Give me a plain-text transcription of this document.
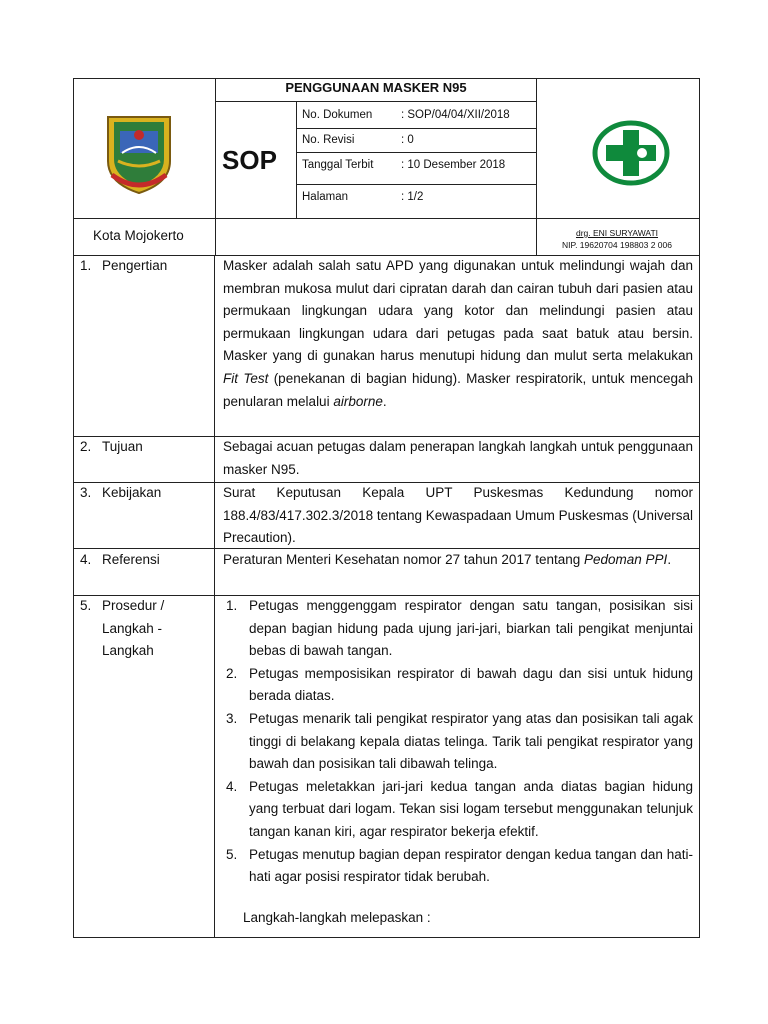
PENGGUNAAN MASKER N95
SOP
No. Dokumen : SOP/04/04/XII/2018
No. Revisi	: 0
Tanggal Terbit : 10 Desember 2018
Halaman	: 1/2
Kota Mojokerto	drg. ENI SURYAWATI
NIP. 19620704 198803 2 006
1. Pengertian	Masker adalah salah satu APD yang digunakan untuk melindungi wajah dan membran mukosa mulut dari cipratan darah dan cairan tubuh dari pasien atau permukaan lingkungan udara yang kotor dan melindungi pasien atau permukaan lingkungan udara dari petugas pada saat batuk atau bersin. Masker yang di gunakan harus menutupi hidung dan mulut serta melakukan Fit Test (penekanan di bagian hidung). Masker respiratorik, untuk mencegah penularan melalui airborne.
2. Tujuan	Sebagai acuan petugas dalam penerapan langkah langkah untuk penggunaan masker N95.
3. Kebijakan	Surat Keputusan Kepala UPT Puskesmas Kedundung nomor 188.4/83/417.302.3/2018 tentang Kewaspadaan Umum Puskesmas (Universal Precaution).
4. Referensi	Peraturan Menteri Kesehatan nomor 27 tahun 2017 tentang Pedoman PPI.
5. Prosedur /
Langkah -
Langkah
1. Petugas menggenggam respirator dengan satu tangan, posisikan sisi depan bagian hidung pada ujung jari-jari, biarkan tali pengikat menjuntai bebas di bawah tangan.
2. Petugas memposisikan respirator di bawah dagu dan sisi untuk hidung berada diatas.
3. Petugas menarik tali pengikat respirator yang atas dan posisikan tali agak tinggi di belakang kepala diatas telinga. Tarik tali pengikat respirator yang bawah dan posisikan tali dibawah telinga.
4. Petugas meletakkan jari-jari kedua tangan anda diatas bagian hidung yang terbuat dari logam. Tekan sisi logam tersebut menggunakan telunjuk tangan kanan kiri, agar respirator bekerja efektif.
5. Petugas menutup bagian depan respirator dengan kedua tangan dan hati-hati agar posisi respirator tidak berubah.
Langkah-langkah melepaskan :
